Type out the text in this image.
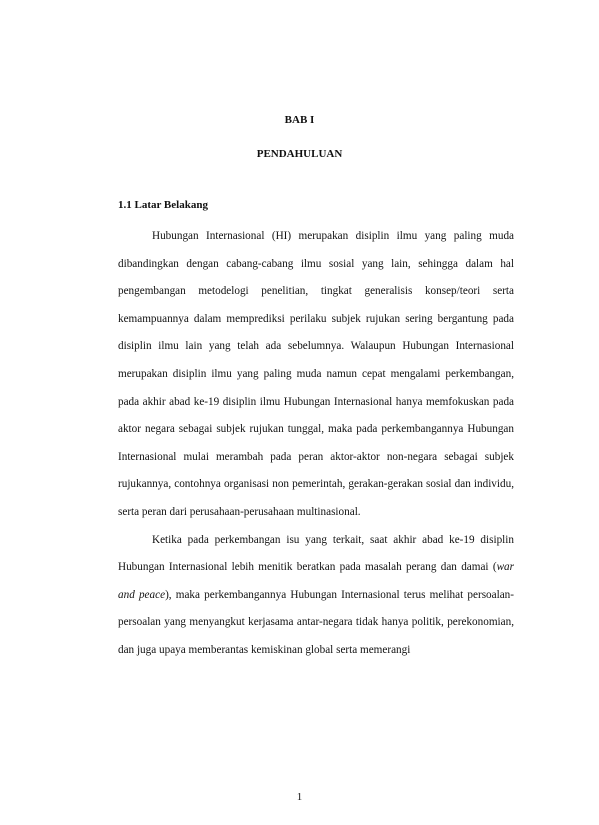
BAB I

PENDAHULUAN

1.1 Latar Belakang

Hubungan Internasional (HI) merupakan disiplin ilmu yang paling muda dibandingkan dengan cabang-cabang ilmu sosial yang lain, sehingga dalam hal pengembangan metodelogi penelitian, tingkat generalisis konsep/teori serta kemampuannya dalam memprediksi perilaku subjek rujukan sering bergantung pada disiplin ilmu lain yang telah ada sebelumnya. Walaupun Hubungan Internasional merupakan disiplin ilmu yang paling muda namun cepat mengalami perkembangan, pada akhir abad ke-19 disiplin ilmu Hubungan Internasional hanya memfokuskan pada aktor negara sebagai subjek rujukan tunggal, maka pada perkembangannya Hubungan Internasional mulai merambah pada peran aktor-aktor non-negara sebagai subjek rujukannya, contohnya organisasi non pemerintah, gerakan-gerakan sosial dan individu, serta peran dari perusahaan-perusahaan multinasional.

Ketika pada perkembangan isu yang terkait, saat akhir abad ke-19 disiplin Hubungan Internasional lebih menitik beratkan pada masalah perang dan damai (war and peace), maka perkembangannya Hubungan Internasional terus melihat persoalan-persoalan yang menyangkut kerjasama antar-negara tidak hanya politik, perekonomian, dan juga upaya memberantas kemiskinan global serta memerangi

1
